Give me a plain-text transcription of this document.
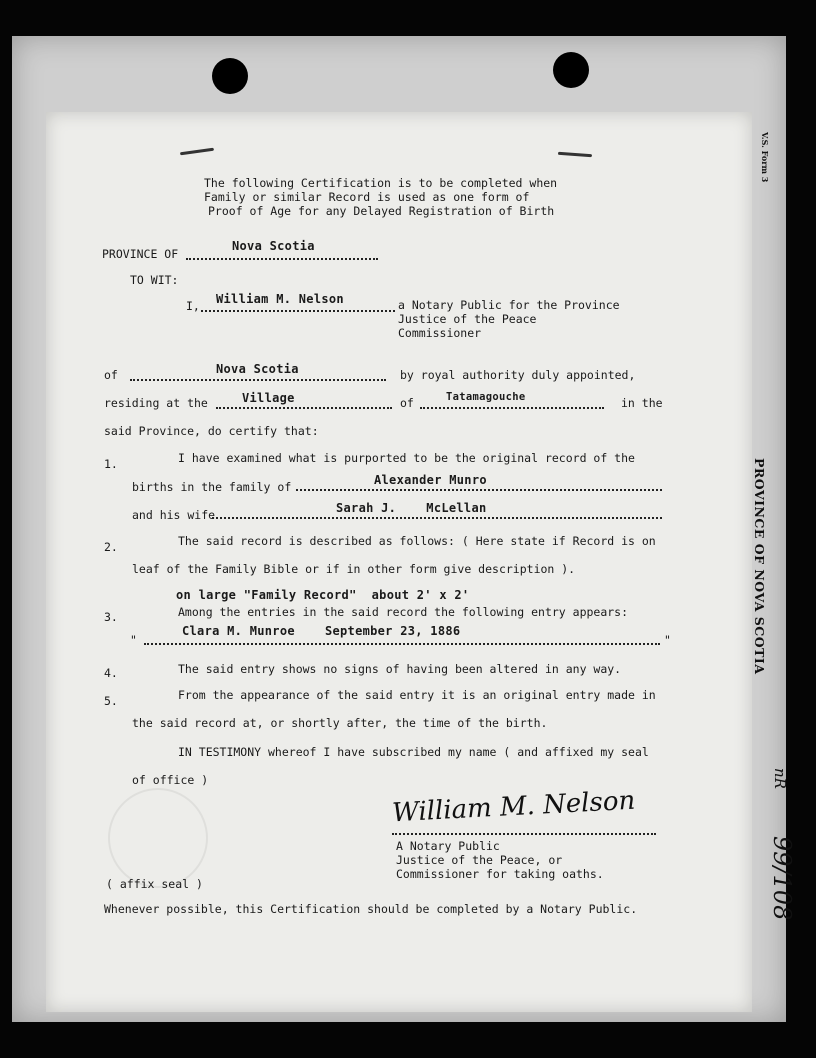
V.S. Form 3
PROVINCE OF NOVA SCOTIA
99/108
nR
The following Certification is to be completed when
Family or similar Record is used as one form of
Proof of Age for any Delayed Registration of Birth
PROVINCE OF
Nova Scotia
TO WIT:
I, William M. Nelson	a Notary Public for the Province
Justice of the Peace
Commissioner
of	Nova Scotia	by royal authority duly appointed,
residing at the	Village	of	Tatamagouche	in the
said Province, do certify that:
1.	I have examined what is purported to be the original record of the
births in the family of	Alexander Munro
and his wife	Sarah J.    McLellan
2.	The said record is described as follows: ( Here state if Record is on
leaf of the Family Bible or if in other form give description ).
on large "Family Record"  about 2' x 2'
3.	Among the entries in the said record the following entry appears:
"
Clara M. Munroe    September 23, 1886
"
4.	The said entry shows no signs of having been altered in any way.
5.	From the appearance of the said entry it is an original entry made in
the said record at, or shortly after, the time of the birth.
IN TESTIMONY whereof I have subscribed my name ( and affixed my seal
of office )
William M. Nelson
A Notary Public
Justice of the Peace, or
Commissioner for taking oaths.
( affix seal )
Whenever possible, this Certification should be completed by a Notary Public.
